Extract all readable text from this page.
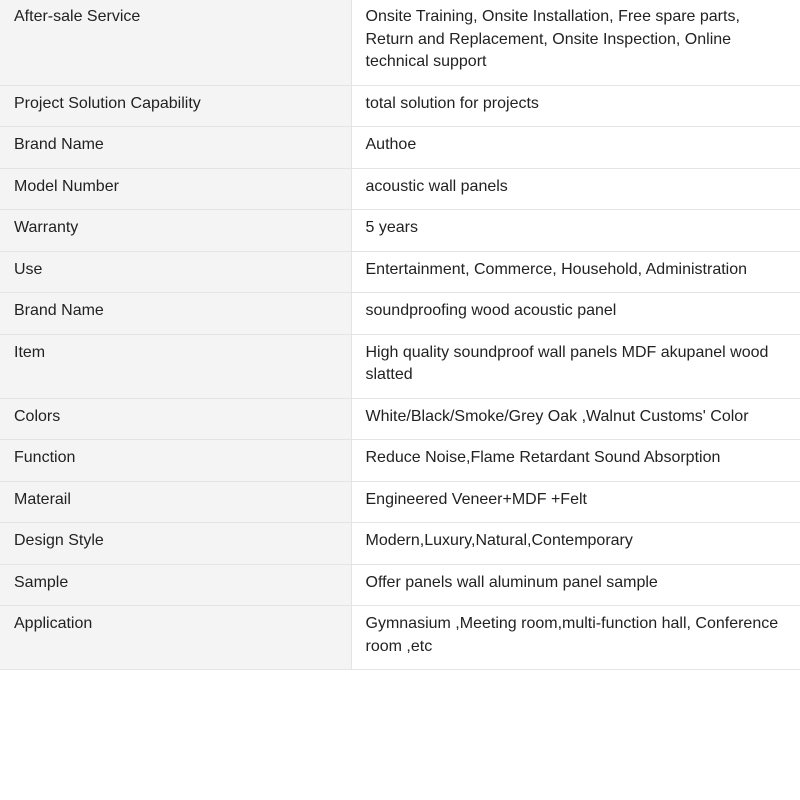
After-sale Service	Onsite Training, Onsite Installation, Free spare parts, Return and Replacement, Onsite Inspection, Online technical support
Project Solution Capability	total solution for projects
Brand Name	Authoe
Model Number	acoustic wall panels
Warranty	5 years
Use	Entertainment, Commerce, Household, Administration
Brand Name	soundproofing wood acoustic panel
Item	High quality soundproof wall panels MDF akupanel wood slatted
Colors	White/Black/Smoke/Grey Oak ,Walnut Customs' Color
Function	Reduce Noise,Flame Retardant Sound Absorption
Materail	Engineered Veneer+MDF +Felt
Design Style	Modern,Luxury,Natural,Contemporary
Sample	Offer panels wall aluminum panel sample
Application	Gymnasium ,Meeting room,multi-function hall, Conference room ,etc
